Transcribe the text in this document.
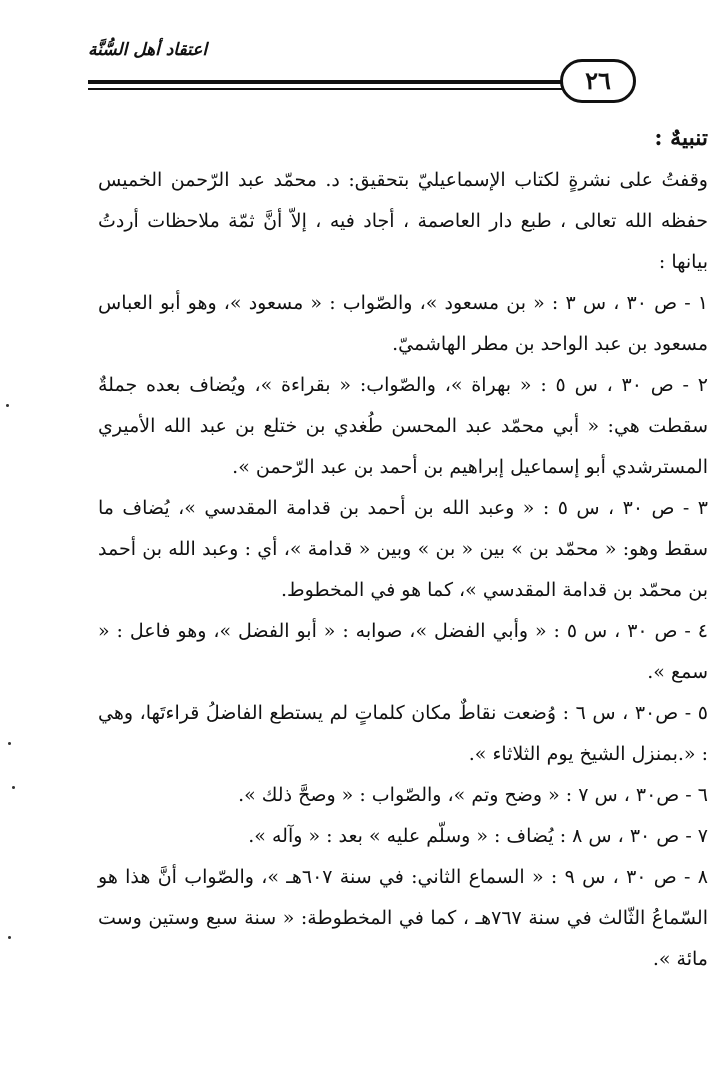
اعتقاد أهل السُّنَّة
٢٦

تنبيهٌ :

وقفتُ على نشرةٍ لكتاب الإسماعيليّ بتحقيق: د. محمّد عبد الرّحمن الخميس حفظه الله تعالى ، طبع دار العاصمة ، أجاد فيه ، إلاّ أنَّ ثمّة ملاحظات أردتُ بيانها :

١ - ص ٣٠ ، س ٣ : « بن مسعود »، والصّواب : « مسعود »، وهو أبو العباس مسعود بن عبد الواحد بن مطر الهاشميّ.

٢ - ص ٣٠ ، س ٥ : « بهراة »، والصّواب: « بقراءة »، ويُضاف بعده جملةٌ سقطت هي: « أبي محمّد عبد المحسن طُغدي بن ختلع بن عبد الله الأميري المسترشدي أبو إسماعيل إبراهيم بن أحمد بن عبد الرّحمن ».

٣ - ص ٣٠ ، س ٥ : « وعبد الله بن أحمد بن قدامة المقدسي »، يُضاف ما سقط وهو: « محمّد بن » بين « بن » وبين « قدامة »، أي : وعبد الله بن أحمد بن محمّد بن قدامة المقدسي »، كما هو في المخطوط.

٤ - ص ٣٠ ، س ٥ : « وأبي الفضل »، صوابه : « أبو الفضل »، وهو فاعل : « سمع ».

٥ - ص٣٠ ، س ٦ : وُضعت نقاطٌ مكان كلماتٍ لم يستطع الفاضلُ قراءتَها، وهي : «.بمنزل الشيخ يوم الثلاثاء ».

٦ - ص٣٠ ، س ٧ : « وضح وتم »، والصّواب : « وصحَّ ذلك ».

٧ - ص ٣٠ ، س ٨ : يُضاف : « وسلّم عليه » بعد : « وآله ».

٨ - ص ٣٠ ، س ٩ : « السماع الثاني: في سنة ٦٠٧هـ »، والصّواب أنَّ هذا هو السّماعُ الثّالث في سنة ٧٦٧هـ ، كما في المخطوطة: « سنة سبع وستين وست مائة ».
